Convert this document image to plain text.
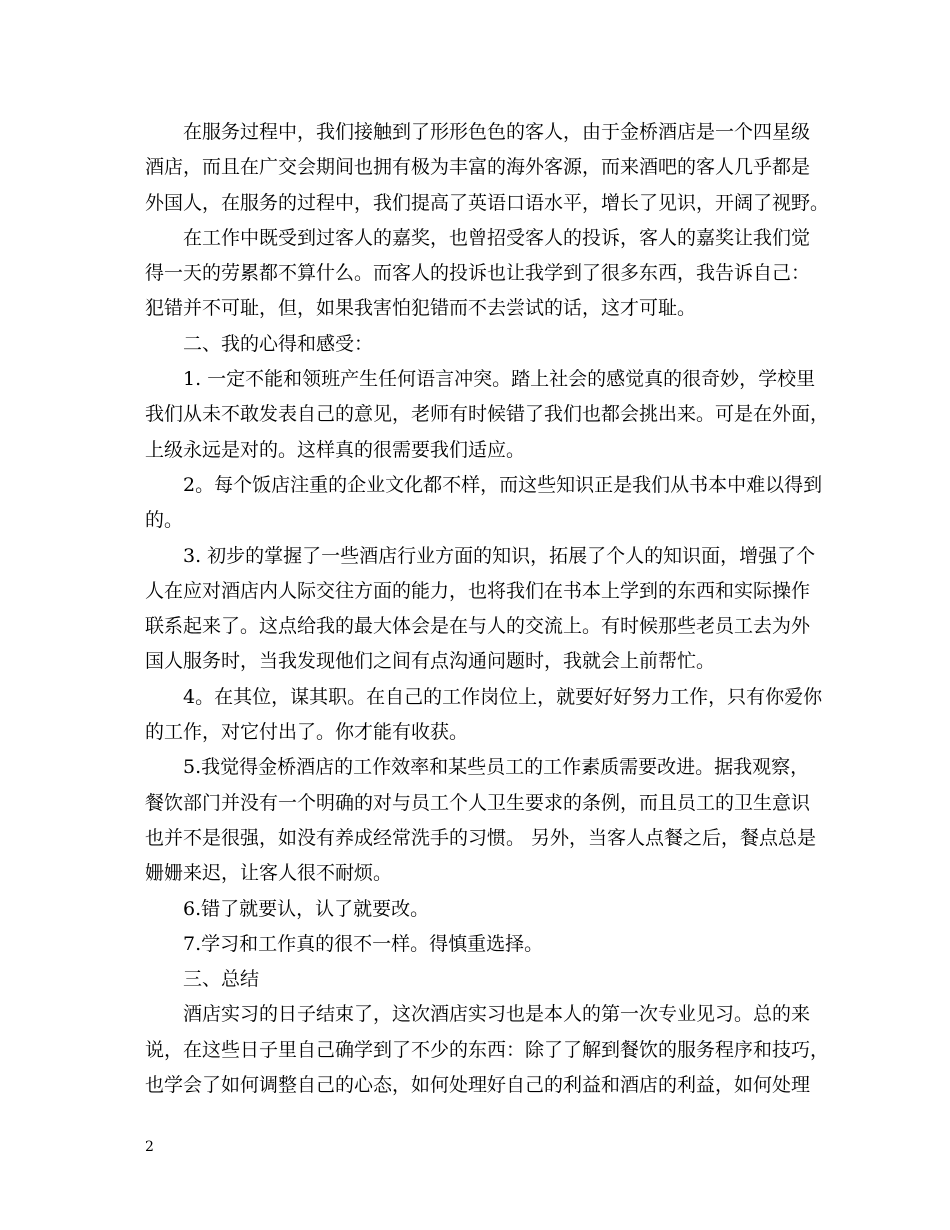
在服务过程中，我们接触到了形形色色的客人，由于金桥酒店是一个四星级
酒店，而且在广交会期间也拥有极为丰富的海外客源，而来酒吧的客人几乎都是
外国人，在服务的过程中，我们提高了英语口语水平，增长了见识，开阔了视野。
在工作中既受到过客人的嘉奖，也曾招受客人的投诉，客人的嘉奖让我们觉
得一天的劳累都不算什么。而客人的投诉也让我学到了很多东西，我告诉自己：
犯错并不可耻，但，如果我害怕犯错而不去尝试的话，这才可耻。
二、我的心得和感受：
1. 一定不能和领班产生任何语言冲突。踏上社会的感觉真的很奇妙，学校里
我们从未不敢发表自己的意见，老师有时候错了我们也都会挑出来。可是在外面，
上级永远是对的。这样真的很需要我们适应。
2。每个饭店注重的企业文化都不样，而这些知识正是我们从书本中难以得到
的。
3. 初步的掌握了一些酒店行业方面的知识，拓展了个人的知识面，增强了个
人在应对酒店内人际交往方面的能力，也将我们在书本上学到的东西和实际操作
联系起来了。这点给我的最大体会是在与人的交流上。有时候那些老员工去为外
国人服务时，当我发现他们之间有点沟通问题时，我就会上前帮忙。
4。在其位，谋其职。在自己的工作岗位上，就要好好努力工作，只有你爱你
的工作，对它付出了。你才能有收获。
5.我觉得金桥酒店的工作效率和某些员工的工作素质需要改进。据我观察，
餐饮部门并没有一个明确的对与员工个人卫生要求的条例，而且员工的卫生意识
也并不是很强，如没有养成经常洗手的习惯。 另外，当客人点餐之后，餐点总是
姗姗来迟，让客人很不耐烦。
6.错了就要认，认了就要改。
7.学习和工作真的很不一样。得慎重选择。
三、总结
酒店实习的日子结束了，这次酒店实习也是本人的第一次专业见习。总的来
说，在这些日子里自己确学到了不少的东西：除了了解到餐饮的服务程序和技巧，
也学会了如何调整自己的心态，如何处理好自己的利益和酒店的利益，如何处理
2
